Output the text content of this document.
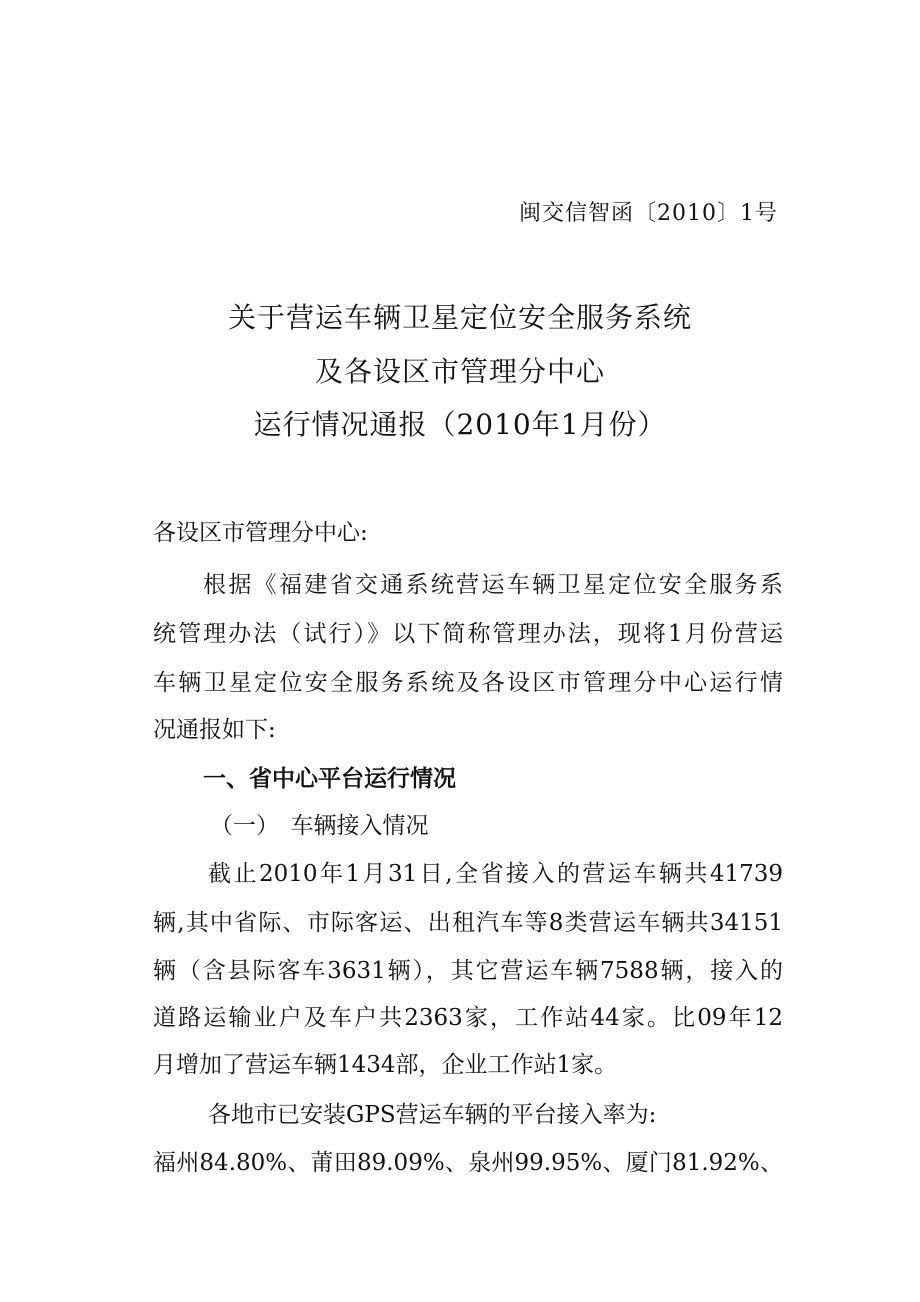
闽交信智函〔2010〕1号
关于营运车辆卫星定位安全服务系统
及各设区市管理分中心
运行情况通报（2010年1月份）
各设区市管理分中心:
根据《福建省交通系统营运车辆卫星定位安全服务系
统管理办法（试行）》以下简称管理办法，现将1月份营运
车辆卫星定位安全服务系统及各设区市管理分中心运行情
况通报如下:
一、省中心平台运行情况
（一）　车辆接入情况
截止2010年1月31日,全省接入的营运车辆共41739
辆,其中省际、市际客运、出租汽车等8类营运车辆共34151
辆（含县际客车3631辆），其它营运车辆7588辆，接入的
道路运输业户及车户共2363家，工作站44家。比09年12
月增加了营运车辆1434部，企业工作站1家。
各地市已安装GPS营运车辆的平台接入率为:
福州84.80%、莆田89.09%、泉州99.95%、厦门81.92%、
